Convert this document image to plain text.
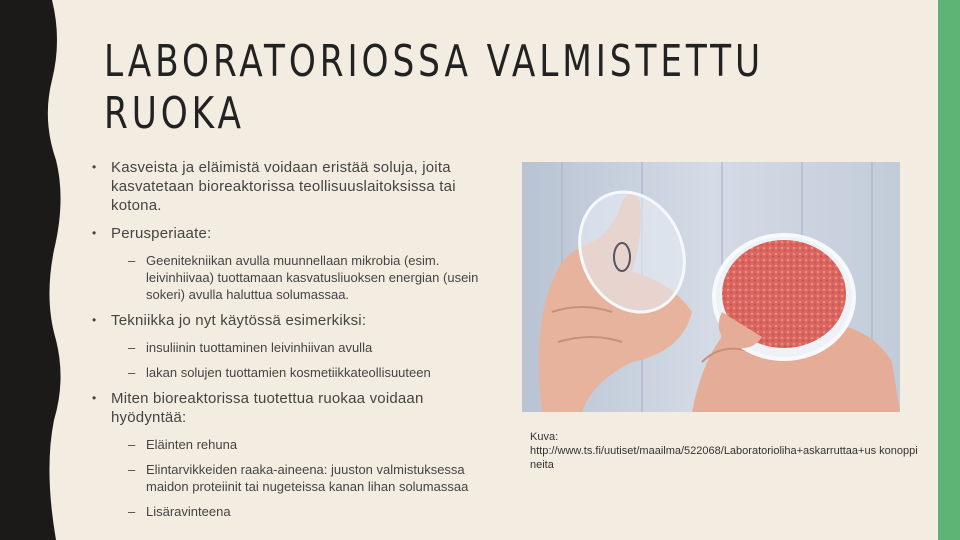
LABORATORIOSSA VALMISTETTU
RUOKA
• Kasveista ja eläimistä voidaan eristää soluja, joita kasvatetaan bioreaktorissa teollisuuslaitoksissa tai kotona.
• Perusperiaate:
– Geenitekniikan avulla muunnellaan mikrobia (esim. leivinhiivaa) tuottamaan kasvatusliuoksen energian (usein sokeri) avulla haluttua solumassaa.
• Tekniikka jo nyt käytössä esimerkiksi:
– insuliinin tuottaminen leivinhiivan avulla
– lakan solujen tuottamien kosmetiikkateollisuuteen
• Miten bioreaktorissa tuotettua ruokaa voidaan hyödyntää:
– Eläinten rehuna
– Elintarvikkeiden raaka-aineena: juuston valmistuksessa maidon proteiinit tai nugeteissa kanan lihan solumassaa
– Lisäravinteena
Kuva:
http://www.ts.fi/uutiset/maailma/522068/Laboratorioliha+askarruttaa+us konoppineita
